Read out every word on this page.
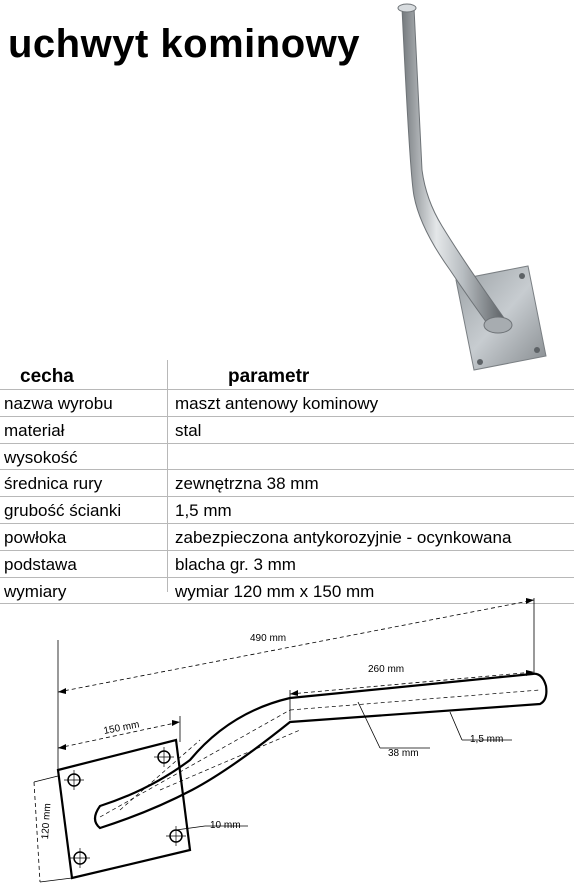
uchwyt kominowy
cecha	parametr
nazwa wyrobu	maszt antenowy kominowy
materiał	stal
wysokość
średnica rury	zewnętrzna 38 mm
grubość ścianki	1,5 mm
powłoka	zabezpieczona antykorozyjnie - ocynkowana
podstawa	blacha gr. 3 mm
wymiary	wymiar 120 mm x 150 mm
490 mm
260 mm
150 mm
38 mm
1,5 mm
10 mm
120 mm
